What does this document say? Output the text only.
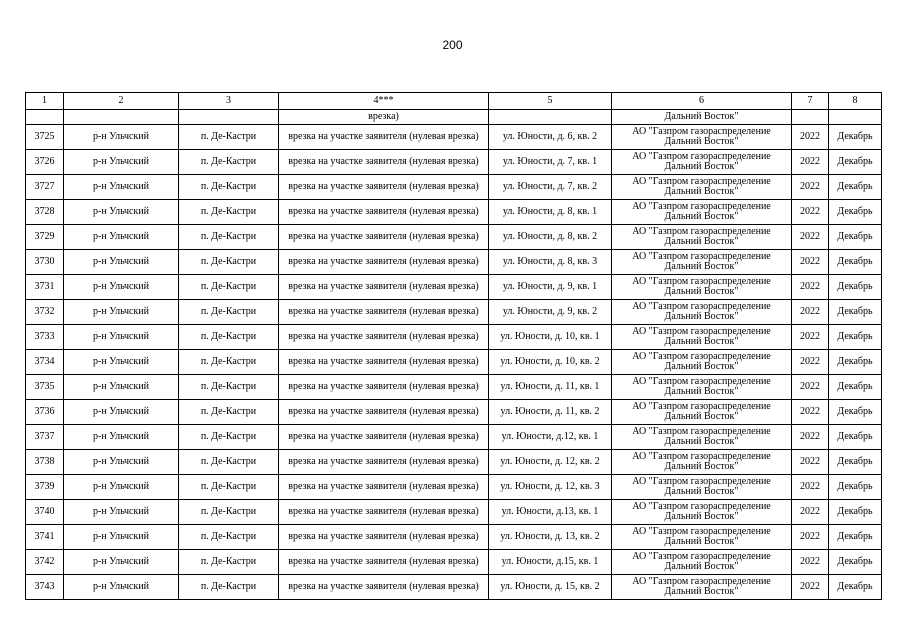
200
1	2	3	4***	5	6	7	8
			врезка)		Дальний Восток"		
3725	р-н Ульчский	п. Де-Кастри	врезка на участке заявителя (нулевая врезка)	ул. Юности, д. 6, кв. 2	АО "Газпром газораспределение Дальний Восток"	2022	Декабрь
3726	р-н Ульчский	п. Де-Кастри	врезка на участке заявителя (нулевая врезка)	ул. Юности, д. 7, кв. 1	АО "Газпром газораспределение Дальний Восток"	2022	Декабрь
3727	р-н Ульчский	п. Де-Кастри	врезка на участке заявителя (нулевая врезка)	ул. Юности, д. 7, кв. 2	АО "Газпром газораспределение Дальний Восток"	2022	Декабрь
3728	р-н Ульчский	п. Де-Кастри	врезка на участке заявителя (нулевая врезка)	ул. Юности, д. 8, кв. 1	АО "Газпром газораспределение Дальний Восток"	2022	Декабрь
3729	р-н Ульчский	п. Де-Кастри	врезка на участке заявителя (нулевая врезка)	ул. Юности, д. 8, кв. 2	АО "Газпром газораспределение Дальний Восток"	2022	Декабрь
3730	р-н Ульчский	п. Де-Кастри	врезка на участке заявителя (нулевая врезка)	ул. Юности, д. 8, кв. 3	АО "Газпром газораспределение Дальний Восток"	2022	Декабрь
3731	р-н Ульчский	п. Де-Кастри	врезка на участке заявителя (нулевая врезка)	ул. Юности, д. 9, кв. 1	АО "Газпром газораспределение Дальний Восток"	2022	Декабрь
3732	р-н Ульчский	п. Де-Кастри	врезка на участке заявителя (нулевая врезка)	ул. Юности, д. 9, кв. 2	АО "Газпром газораспределение Дальний Восток"	2022	Декабрь
3733	р-н Ульчский	п. Де-Кастри	врезка на участке заявителя (нулевая врезка)	ул. Юности, д. 10, кв. 1	АО "Газпром газораспределение Дальний Восток"	2022	Декабрь
3734	р-н Ульчский	п. Де-Кастри	врезка на участке заявителя (нулевая врезка)	ул. Юности, д. 10, кв. 2	АО "Газпром газораспределение Дальний Восток"	2022	Декабрь
3735	р-н Ульчский	п. Де-Кастри	врезка на участке заявителя (нулевая врезка)	ул. Юности, д. 11, кв. 1	АО "Газпром газораспределение Дальний Восток"	2022	Декабрь
3736	р-н Ульчский	п. Де-Кастри	врезка на участке заявителя (нулевая врезка)	ул. Юности, д. 11, кв. 2	АО "Газпром газораспределение Дальний Восток"	2022	Декабрь
3737	р-н Ульчский	п. Де-Кастри	врезка на участке заявителя (нулевая врезка)	ул. Юности, д.12, кв. 1	АО "Газпром газораспределение Дальний Восток"	2022	Декабрь
3738	р-н Ульчский	п. Де-Кастри	врезка на участке заявителя (нулевая врезка)	ул. Юности, д. 12, кв. 2	АО "Газпром газораспределение Дальний Восток"	2022	Декабрь
3739	р-н Ульчский	п. Де-Кастри	врезка на участке заявителя (нулевая врезка)	ул. Юности, д. 12, кв. 3	АО "Газпром газораспределение Дальний Восток"	2022	Декабрь
3740	р-н Ульчский	п. Де-Кастри	врезка на участке заявителя (нулевая врезка)	ул. Юности, д.13, кв. 1	АО "Газпром газораспределение Дальний Восток"	2022	Декабрь
3741	р-н Ульчский	п. Де-Кастри	врезка на участке заявителя (нулевая врезка)	ул. Юности, д. 13, кв. 2	АО "Газпром газораспределение Дальний Восток"	2022	Декабрь
3742	р-н Ульчский	п. Де-Кастри	врезка на участке заявителя (нулевая врезка)	ул. Юности, д.15, кв. 1	АО "Газпром газораспределение Дальний Восток"	2022	Декабрь
3743	р-н Ульчский	п. Де-Кастри	врезка на участке заявителя (нулевая врезка)	ул. Юности, д. 15, кв. 2	АО "Газпром газораспределение Дальний Восток"	2022	Декабрь
